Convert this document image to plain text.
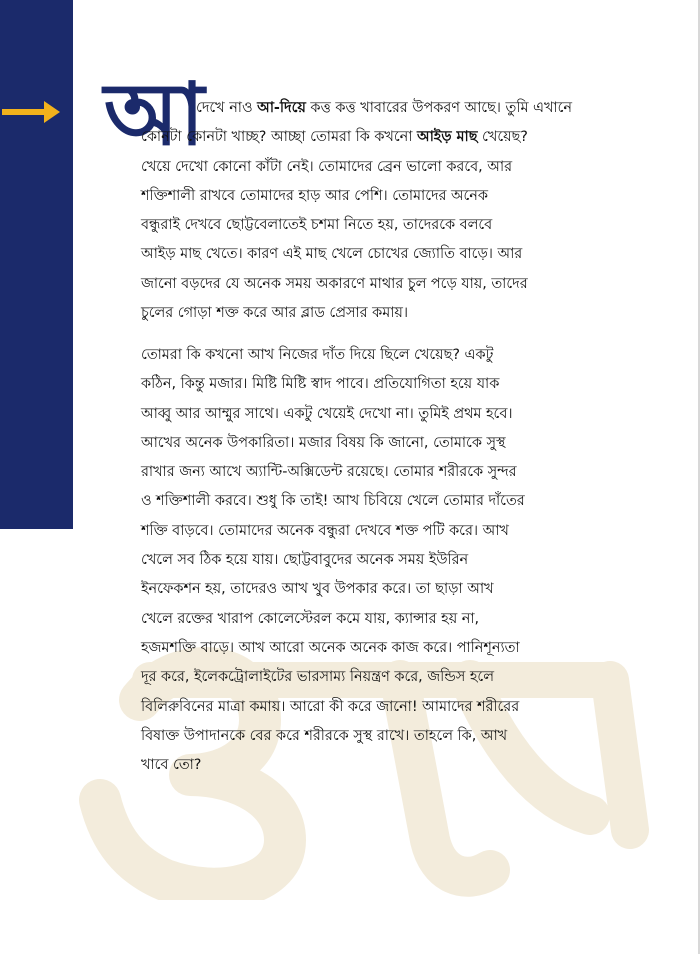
আ
দেখে নাও আ-দিয়ে কত্ত কত্ত খাবারের উপকরণ আছে। তুমি এখানে
কোনটা কোনটা খাচ্ছ? আচ্ছা তোমরা কি কখনো আইড় মাছ খেয়েছ?
খেয়ে দেখো কোনো কাঁটা নেই। তোমাদের ব্রেন ভালো করবে, আর
শক্তিশালী রাখবে তোমাদের হাড় আর পেশি। তোমাদের অনেক
বন্ধুরাই দেখবে ছোট্টবেলাতেই চশমা নিতে হয়, তাদেরকে বলবে
আইড় মাছ খেতে। কারণ এই মাছ খেলে চোখের জ্যোতি বাড়ে। আর
জানো বড়দের যে অনেক সময় অকারণে মাথার চুল পড়ে যায়, তাদের
চুলের গোড়া শক্ত করে আর ব্লাড প্রেসার কমায়।
তোমরা কি কখনো আখ নিজের দাঁত দিয়ে ছিলে খেয়েছ? একটু
কঠিন, কিন্তু মজার। মিষ্টি মিষ্টি স্বাদ পাবে। প্রতিযোগিতা হয়ে যাক
আব্বু আর আম্মুর সাথে। একটু খেয়েই দেখো না। তুমিই প্রথম হবে।
আখের অনেক উপকারিতা। মজার বিষয় কি জানো, তোমাকে সুস্থ
রাখার জন্য আখে অ্যান্টি-অক্সিডেন্ট রয়েছে। তোমার শরীরকে সুন্দর
ও শক্তিশালী করবে। শুধু কি তাই! আখ চিবিয়ে খেলে তোমার দাঁতের
শক্তি বাড়বে। তোমাদের অনেক বন্ধুরা দেখবে শক্ত পটি করে। আখ
খেলে সব ঠিক হয়ে যায়। ছোট্টবাবুদের অনেক সময় ইউরিন
ইনফেকশন হয়, তাদেরও আখ খুব উপকার করে। তা ছাড়া আখ
খেলে রক্তের খারাপ কোলেস্টেরল কমে যায়, ক্যান্সার হয় না,
হজমশক্তি বাড়ে। আখ আরো অনেক অনেক কাজ করে। পানিশূন্যতা
দূর করে, ইলেকট্রোলাইটের ভারসাম্য নিয়ন্ত্রণ করে, জন্ডিস হলে
বিলিরুবিনের মাত্রা কমায়। আরো কী করে জানো! আমাদের শরীরের
বিষাক্ত উপাদানকে বের করে শরীরকে সুস্থ রাখে। তাহলে কি, আখ
খাবে তো?
